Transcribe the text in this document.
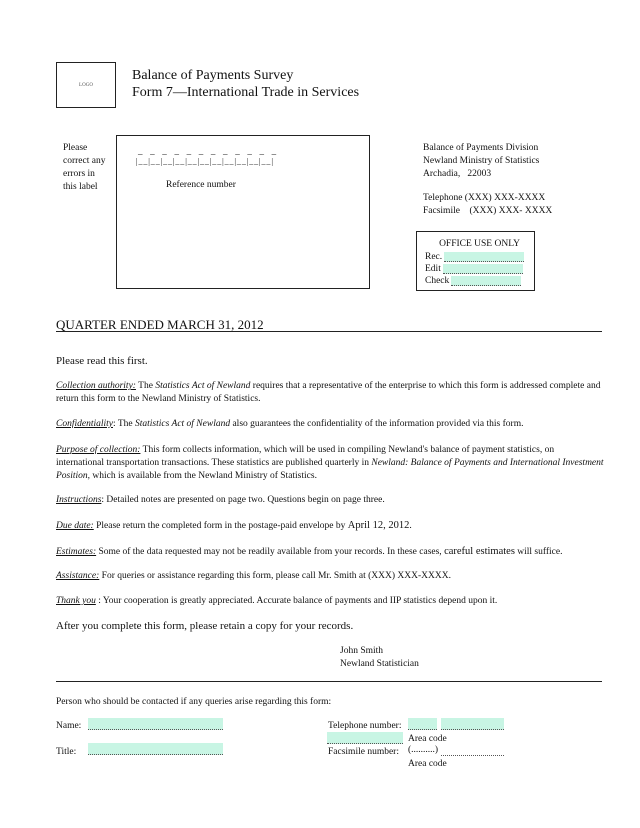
LOGO
Balance of Payments Survey
Form 7—International Trade in Services
Please
correct any
errors in
this label
_ _ _ _ _ _ _ _ _ _ _ _
|__|__|__|__|__|__|__|__|__|__|__|
Reference number
Balance of Payments Division
Newland Ministry of Statistics
Archadia,   22003
Telephone (XXX) XXX-XXXX
Facsimile    (XXX) XXX- XXXX
OFFICE USE ONLY
Rec.
Edit
Check
QUARTER ENDED MARCH 31, 2012
Please read this first.
Collection authority: The Statistics Act of Newland requires that a representative of the enterprise to which this form is addressed complete and return this form to the Newland Ministry of Statistics.
Confidentiality: The Statistics Act of Newland also guarantees the confidentiality of the information provided via this form.
Purpose of collection: This form collects information, which will be used in compiling Newland's balance of payment statistics, on international transportation transactions. These statistics are published quarterly in Newland: Balance of Payments and International Investment Position, which is available from the Newland Ministry of Statistics.
Instructions: Detailed notes are presented on page two. Questions begin on page three.
Due date: Please return the completed form in the postage-paid envelope by April 12, 2012.
Estimates: Some of the data requested may not be readily available from your records. In these cases, careful estimates will suffice.
Assistance: For queries or assistance regarding this form, please call Mr. Smith at (XXX) XXX-XXXX.
Thank you : Your cooperation is greatly appreciated. Accurate balance of payments and IIP statistics depend upon it.
After you complete this form, please retain a copy for your records.
John Smith
Newland Statistician
Person who should be contacted if any queries arise regarding this form:
Name:
Title:
Telephone number:
Area code
Facsimile number: (..........)
Area code
